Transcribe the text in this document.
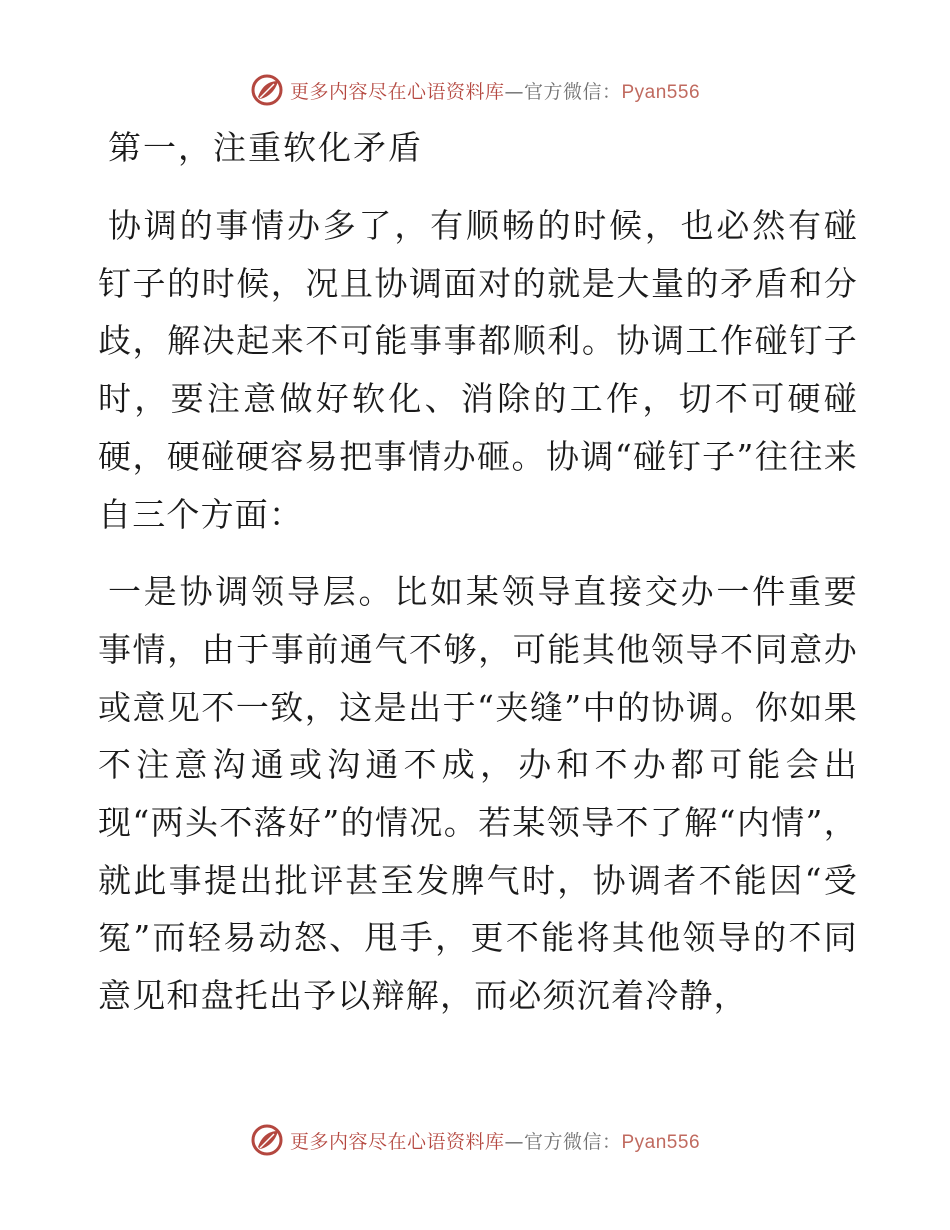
更多内容尽在心语资料库—官方微信：Pyan556
第一，注重软化矛盾

协调的事情办多了，有顺畅的时候，也必然有碰钉子的时候，况且协调面对的就是大量的矛盾和分歧，解决起来不可能事事都顺利。协调工作碰钉子时，要注意做好软化、消除的工作，切不可硬碰硬，硬碰硬容易把事情办砸。协调“碰钉子”往往来自三个方面：

一是协调领导层。比如某领导直接交办一件重要事情，由于事前通气不够，可能其他领导不同意办或意见不一致，这是出于“夹缝”中的协调。你如果不注意沟通或沟通不成，办和不办都可能会出现“两头不落好”的情况。若某领导不了解“内情”，就此事提出批评甚至发脾气时，协调者不能因“受冤”而轻易动怒、甩手，更不能将其他领导的不同意见和盘托出予以辩解，而必须沉着冷静，

更多内容尽在心语资料库—官方微信：Pyan556
